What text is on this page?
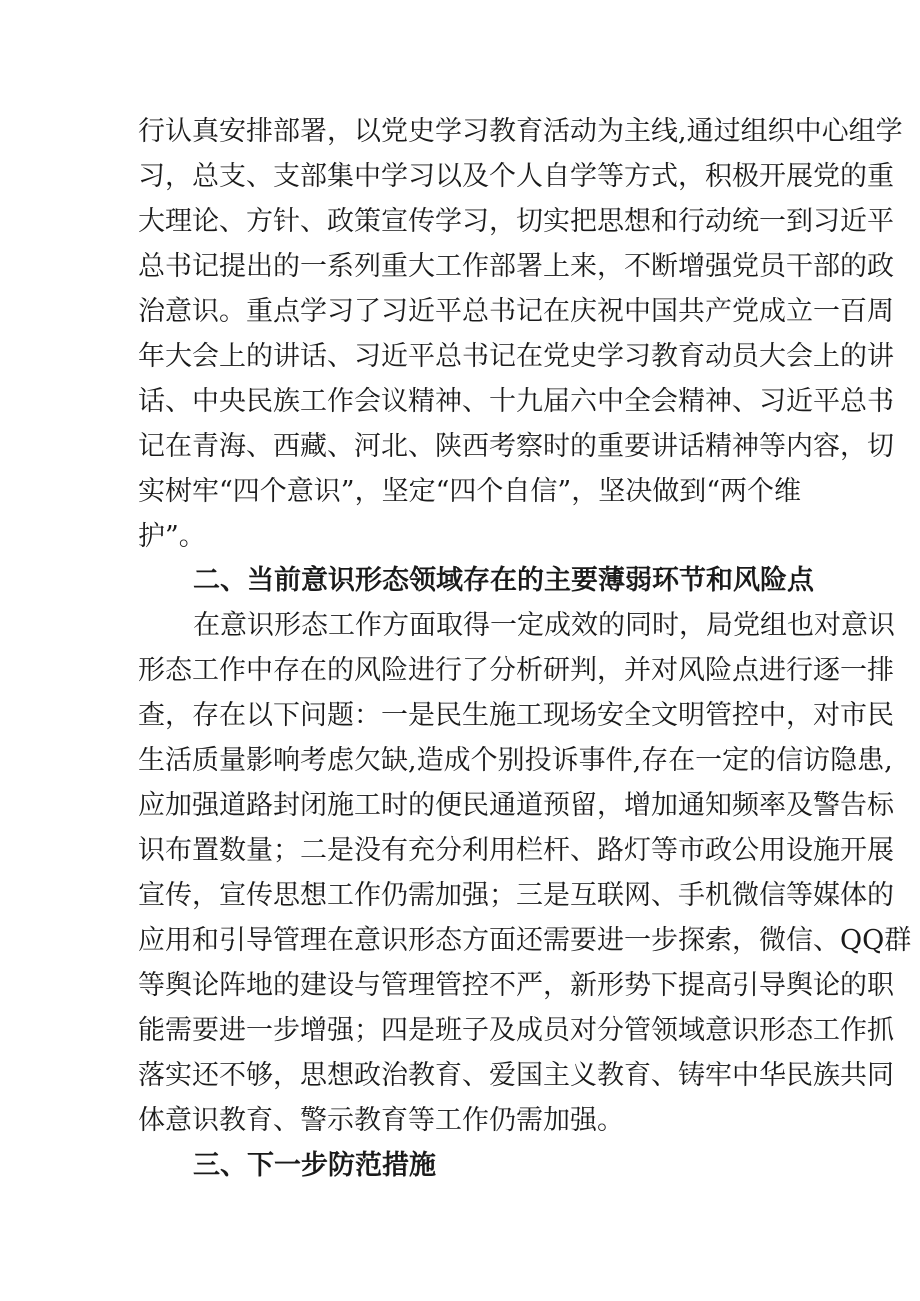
行认真安排部署，以党史学习教育活动为主线,通过组织中心组学
习，总支、支部集中学习以及个人自学等方式，积极开展党的重
大理论、方针、政策宣传学习，切实把思想和行动统一到习近平
总书记提出的一系列重大工作部署上来，不断增强党员干部的政
治意识。重点学习了习近平总书记在庆祝中国共产党成立一百周
年大会上的讲话、习近平总书记在党史学习教育动员大会上的讲
话、中央民族工作会议精神、十九届六中全会精神、习近平总书
记在青海、西藏、河北、陕西考察时的重要讲话精神等内容，切
实树牢“四个意识”，坚定“四个自信”，坚决做到“两个维
护”。
二、当前意识形态领域存在的主要薄弱环节和风险点
在意识形态工作方面取得一定成效的同时，局党组也对意识
形态工作中存在的风险进行了分析研判，并对风险点进行逐一排
查，存在以下问题：一是民生施工现场安全文明管控中，对市民
生活质量影响考虑欠缺,造成个别投诉事件,存在一定的信访隐患,
应加强道路封闭施工时的便民通道预留，增加通知频率及警告标
识布置数量；二是没有充分利用栏杆、路灯等市政公用设施开展
宣传，宣传思想工作仍需加强；三是互联网、手机微信等媒体的
应用和引导管理在意识形态方面还需要进一步探索，微信、QQ群
等舆论阵地的建设与管理管控不严，新形势下提高引导舆论的职
能需要进一步增强；四是班子及成员对分管领域意识形态工作抓
落实还不够，思想政治教育、爱国主义教育、铸牢中华民族共同
体意识教育、警示教育等工作仍需加强。
三、下一步防范措施
